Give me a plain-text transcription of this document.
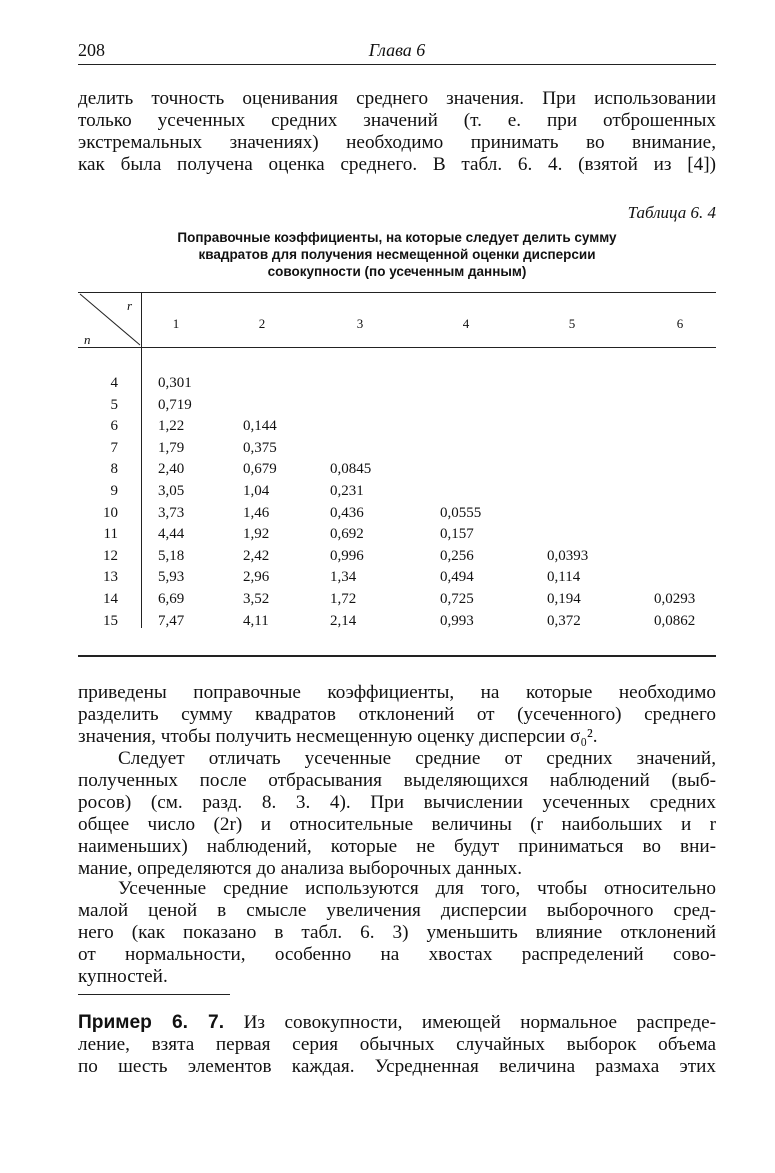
208	Глава 6

делить точность оценивания среднего значения. При использовании
только усеченных средних значений (т. е. при отброшенных
экстремальных значениях) необходимо принимать во внимание,
как была получена оценка среднего. В табл. 6. 4. (взятой из [4])

Таблица 6. 4
Поправочные коэффициенты, на которые следует делить сумму
квадратов для получения несмещенной оценки дисперсии
совокупности (по усеченным данным)
r
n
1	2	3	4	5	6
4	0,301
5	0,719
6	1,22	0,144
7	1,79	0,375
8	2,40	0,679	0,0845
9	3,05	1,04	0,231
10	3,73	1,46	0,436	0,0555
11	4,44	1,92	0,692	0,157
12	5,18	2,42	0,996	0,256	0,0393
13	5,93	2,96	1,34	0,494	0,114
14	6,69	3,52	1,72	0,725	0,194	0,0293
15	7,47	4,11	2,14	0,993	0,372	0,0862

приведены поправочные коэффициенты, на которые необходимо
разделить сумму квадратов отклонений от (усеченного) среднего
значения, чтобы получить несмещенную оценку дисперсии σ₀².

Следует отличать усеченные средние от средних значений,
полученных после отбрасывания выделяющихся наблюдений (выб-
росов) (см. разд. 8. 3. 4). При вычислении усеченных средних
общее число (2r) и относительные величины (r наибольших и r
наименьших) наблюдений, которые не будут приниматься во вни-
мание, определяются до анализа выборочных данных.

Усеченные средние используются для того, чтобы относительно
малой ценой в смысле увеличения дисперсии выборочного сред-
него (как показано в табл. 6. 3) уменьшить влияние отклонений
от нормальности, особенно на хвостах распределений сово-
купностей.

Пример 6. 7. Из совокупности, имеющей нормальное распреде-
ление, взята первая серия обычных случайных выборок объема
по шесть элементов каждая. Усредненная величина размаха этих
